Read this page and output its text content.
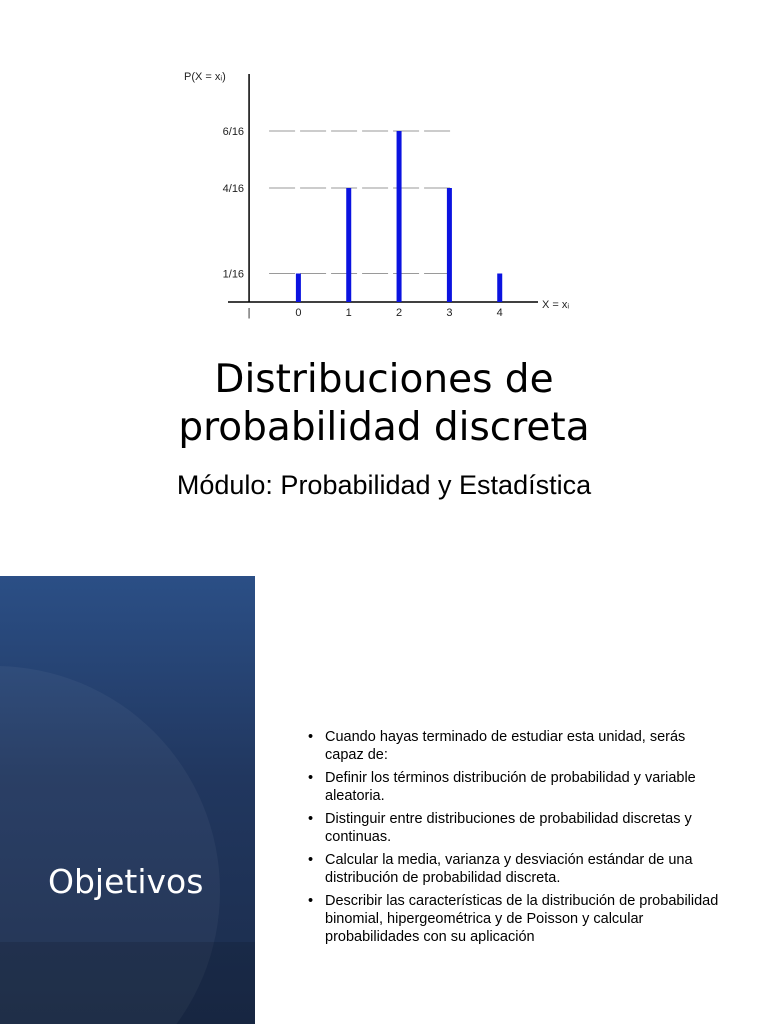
1/16
4/16
6/16
|	0	1	2	3	4
P(X = xᵢ)
X = xᵢ
Distribuciones de
probabilidad discreta
Módulo: Probabilidad y Estadística
Objetivos
• Cuando hayas terminado de estudiar esta unidad, serás capaz de:
• Definir los términos distribución de probabilidad y variable aleatoria.
• Distinguir entre distribuciones de probabilidad discretas y continuas.
• Calcular la media, varianza y desviación estándar de una distribución de probabilidad discreta.
• Describir las características de la distribución de probabilidad binomial, hipergeométrica y de Poisson y calcular probabilidades con su aplicación
